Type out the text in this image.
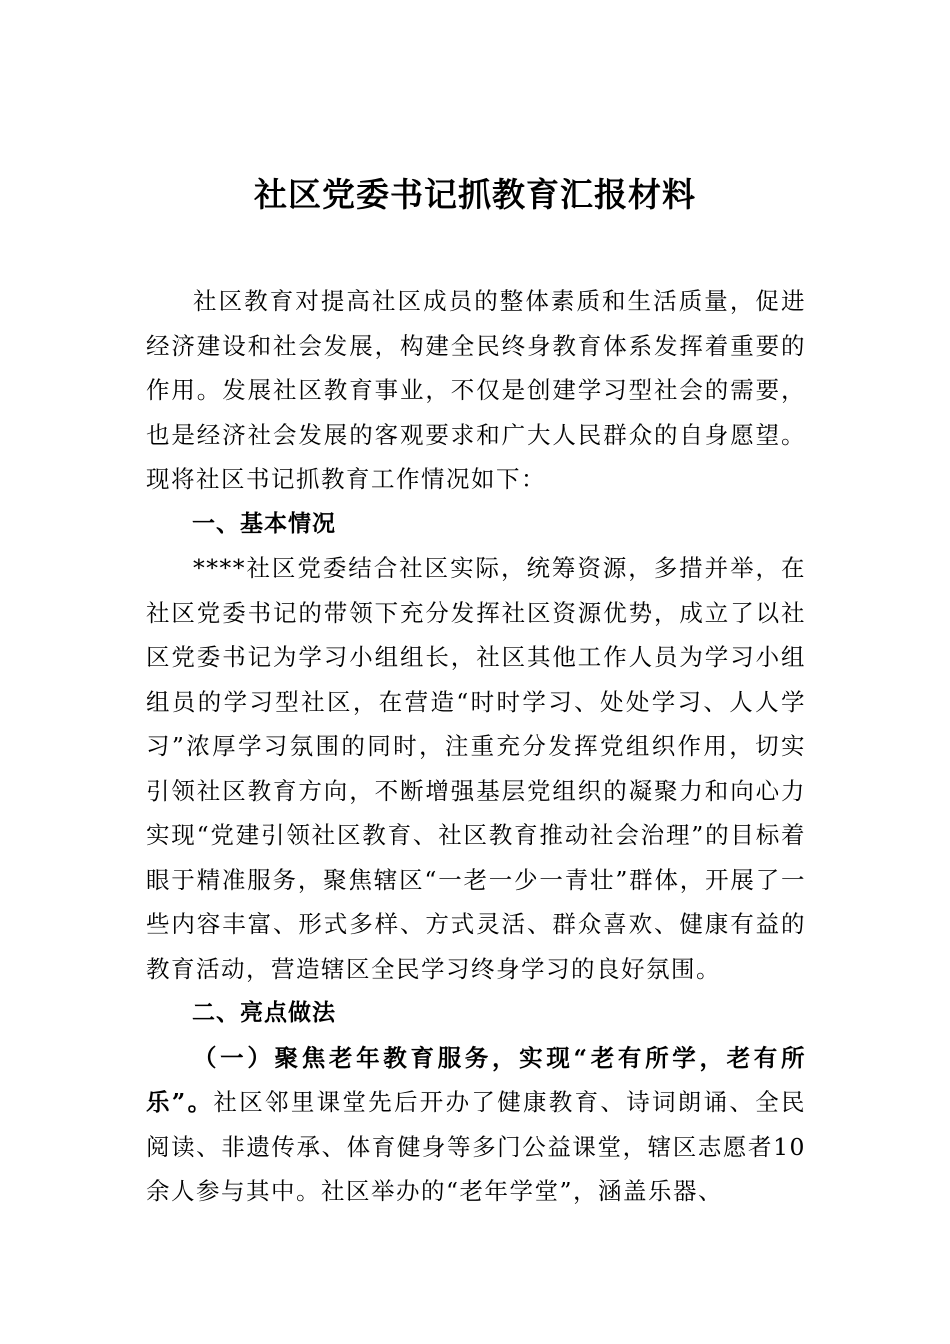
社区党委书记抓教育汇报材料

社区教育对提高社区成员的整体素质和生活质量，促进经济建设和社会发展，构建全民终身教育体系发挥着重要的作用。发展社区教育事业，不仅是创建学习型社会的需要，也是经济社会发展的客观要求和广大人民群众的自身愿望。现将社区书记抓教育工作情况如下：

一、基本情况

****社区党委结合社区实际，统筹资源，多措并举，在社区党委书记的带领下充分发挥社区资源优势，成立了以社区党委书记为学习小组组长，社区其他工作人员为学习小组组员的学习型社区，在营造“时时学习、处处学习、人人学习”浓厚学习氛围的同时，注重充分发挥党组织作用，切实引领社区教育方向，不断增强基层党组织的凝聚力和向心力实现“党建引领社区教育、社区教育推动社会治理”的目标着眼于精准服务，聚焦辖区“一老一少一青壮”群体，开展了一些内容丰富、形式多样、方式灵活、群众喜欢、健康有益的教育活动，营造辖区全民学习终身学习的良好氛围。

二、亮点做法

（一）聚焦老年教育服务，实现“老有所学，老有所乐”。社区邻里课堂先后开办了健康教育、诗词朗诵、全民阅读、非遗传承、体育健身等多门公益课堂，辖区志愿者10余人参与其中。社区举办的“老年学堂”，涵盖乐器、
